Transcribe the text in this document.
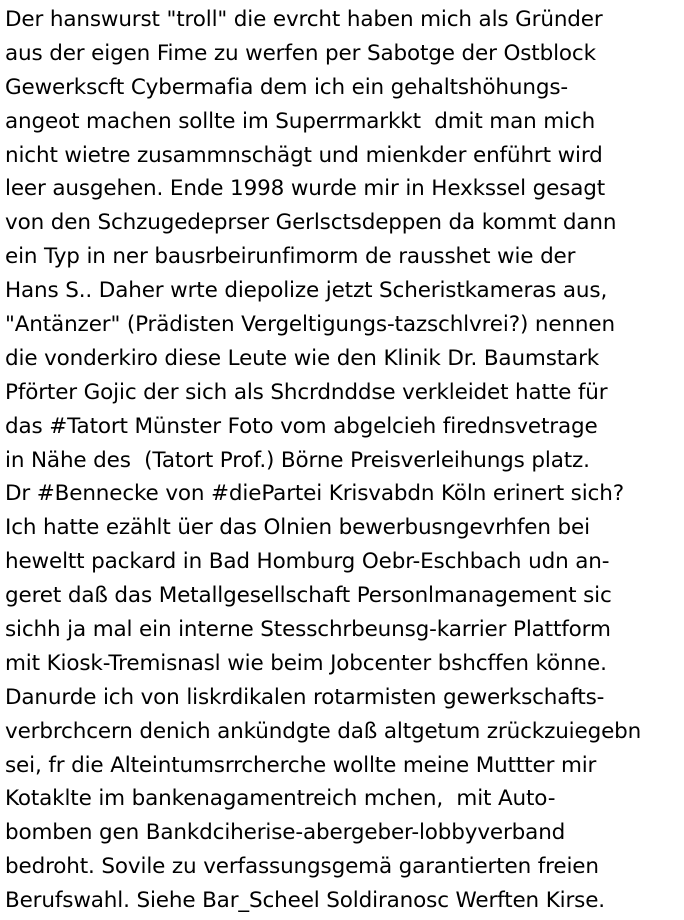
Der hanswurst "troll" die evrcht haben mich als Gründer
aus der eigen Fime zu werfen per Sabotge der Ostblock
Gewerkscft Cybermafia dem ich ein gehaltshöhungs-
angeot machen sollte im Superrmarkkt  dmit man mich
nicht wietre zusammnschägt und mienkder enführt wird
leer ausgehen. Ende 1998 wurde mir in Hexkssel gesagt
von den Schzugedeprser Gerlsctsdeppen da kommt dann
ein Typ in ner bausrbeirunfimorm de rausshet wie der
Hans S.. Daher wrte diepolize jetzt Scheristkameras aus,
"Antänzer" (Prädisten Vergeltigungs-tazschlvrei?) nennen
die vonderkiro diese Leute wie den Klinik Dr. Baumstark
Pförter Gojic der sich als Shcrdnddse verkleidet hatte für
das #Tatort Münster Foto vom abgelcieh firednsvetrage
in Nähe des  (Tatort Prof.) Börne Preisverleihungs platz.
Dr #Bennecke von #diePartei Krisvabdn Köln erinert sich?
Ich hatte ezählt üer das Olnien bewerbusngevrhfen bei
heweltt packard in Bad Homburg Oebr-Eschbach udn an-
geret daß das Metallgesellschaft Personlmanagement sic
sichh ja mal ein interne Stesschrbeunsg-karrier Plattform
mit Kiosk-Tremisnasl wie beim Jobcenter bshcffen könne.
Danurde ich von liskrdikalen rotarmisten gewerkschafts-
verbrchcern denich ankündgte daß altgetum zrückzuiegebn
sei, fr die Alteintumsrrcherche wollte meine Muttter mir
Kotaklte im bankenagamentreich mchen,  mit Auto-
bomben gen Bankdciherise-abergeber-lobbyverband
bedroht. Sovile zu verfassungsgemä garantierten freien
Berufswahl. Siehe Bar_Scheel Soldiranosc Werften Kirse.
